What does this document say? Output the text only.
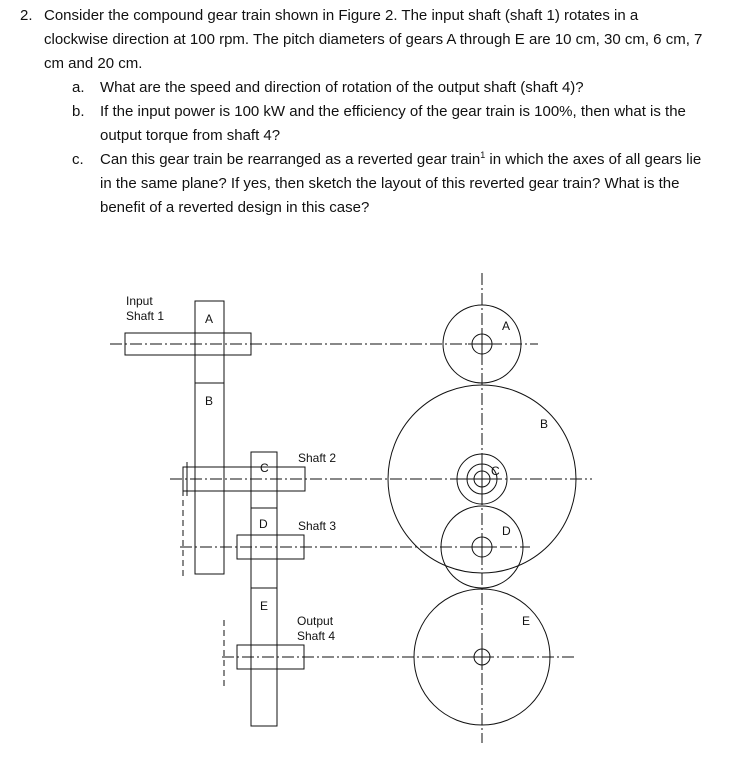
2. Consider the compound gear train shown in Figure 2. The input shaft (shaft 1) rotates in a clockwise direction at 100 rpm. The pitch diameters of gears A through E are 10 cm, 30 cm, 6 cm, 7 cm and 20 cm.
a. What are the speed and direction of rotation of the output shaft (shaft 4)?
b. If the input power is 100 kW and the efficiency of the gear train is 100%, then what is the output torque from shaft 4?
c. Can this gear train be rearranged as a reverted gear train$^1$ in which the axes of all gears lie in the same plane? If yes, then sketch the layout of this reverted gear train? What is the benefit of a reverted design in this case?
Input
Shaft 1	A
B
C
D
E
Shaft 2
Shaft 3
Output
Shaft 4
A
B
C
D
E
